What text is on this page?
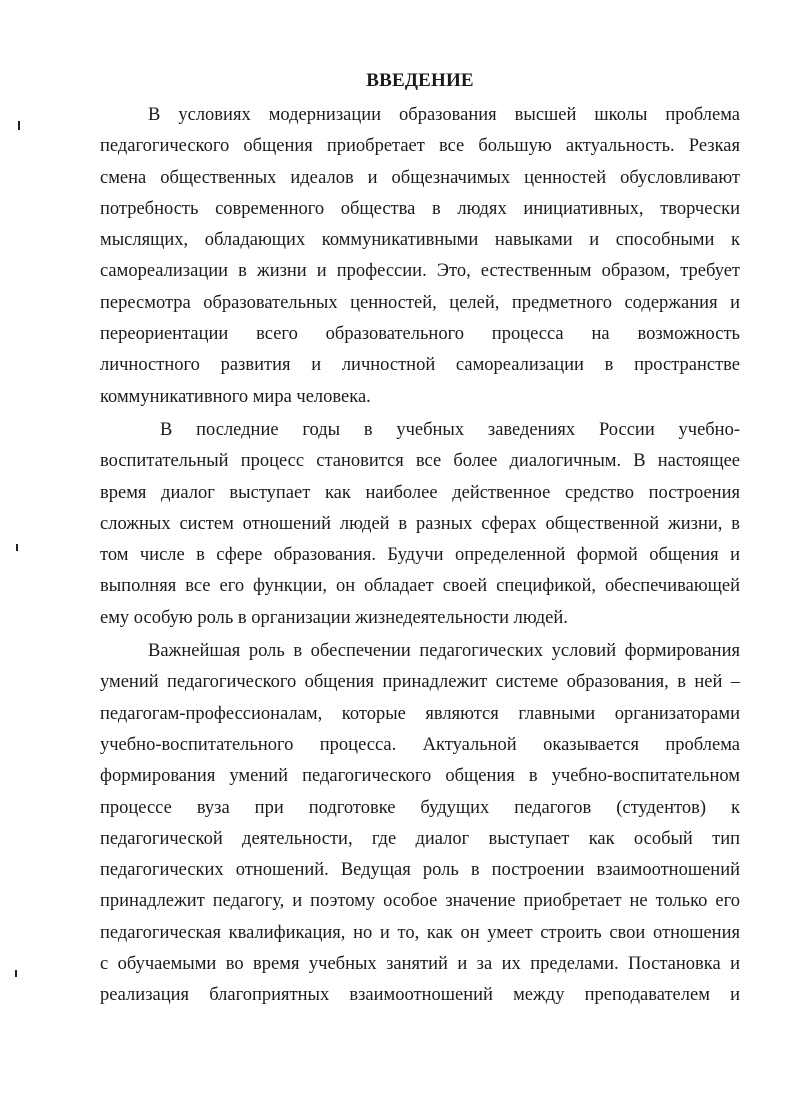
ВВЕДЕНИЕ
В условиях модернизации образования высшей школы проблема
педагогического общения приобретает все большую актуальность. Резкая
смена общественных идеалов и общезначимых ценностей обусловливают
потребность современного общества в людях инициативных, творчески
мыслящих, обладающих коммуникативными навыками и способными к
самореализации в жизни и профессии. Это, естественным образом, требует
пересмотра образовательных ценностей, целей, предметного содержания и
переориентации всего образовательного процесса на возможность
личностного развития и личностной самореализации в пространстве
коммуникативного мира человека.
В последние годы в учебных заведениях России учебно-
воспитательный процесс становится все более диалогичным. В настоящее
время диалог выступает как наиболее действенное средство построения
сложных систем отношений людей в разных сферах общественной жизни, в
том числе в сфере образования. Будучи определенной формой общения и
выполняя все его функции, он обладает своей спецификой, обеспечивающей
ему особую роль в организации жизнедеятельности людей.
Важнейшая роль в обеспечении педагогических условий формирования
умений педагогического общения принадлежит системе образования, в ней –
педагогам-профессионалам, которые являются главными организаторами
учебно-воспитательного процесса. Актуальной оказывается проблема
формирования умений педагогического общения в учебно-воспитательном
процессе вуза при подготовке будущих педагогов (студентов) к
педагогической деятельности, где диалог выступает как особый тип
педагогических отношений. Ведущая роль в построении взаимоотношений
принадлежит педагогу, и поэтому особое значение приобретает не только его
педагогическая квалификация, но и то, как он умеет строить свои отношения
с обучаемыми во время учебных занятий и за их пределами. Постановка и
реализация благоприятных взаимоотношений между преподавателем и
